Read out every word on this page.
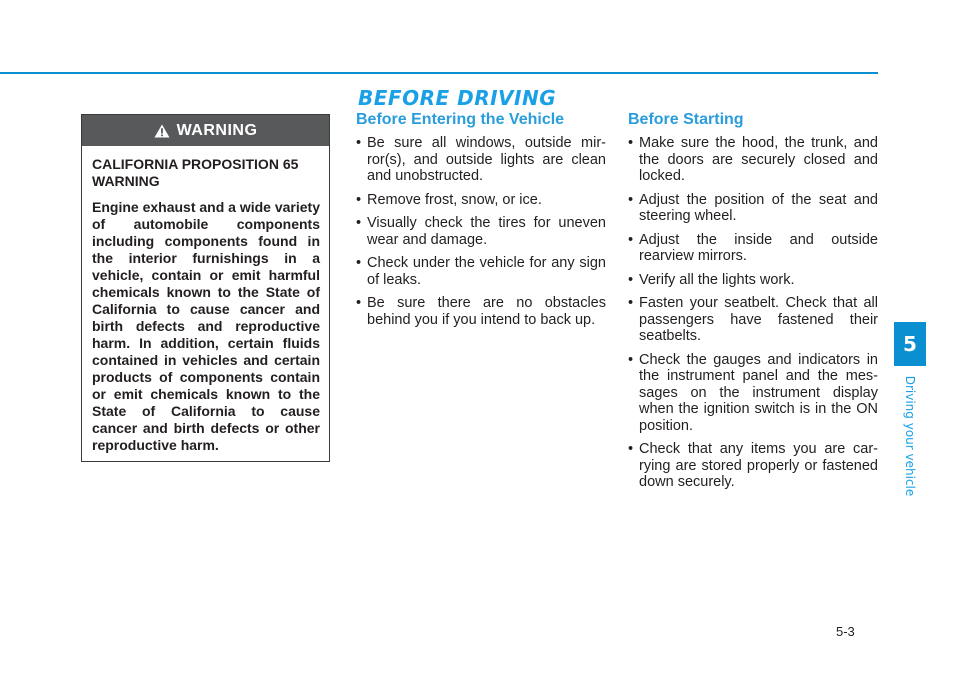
BEFORE DRIVING
WARNING

CALIFORNIA PROPOSITION 65 WARNING

Engine exhaust and a wide variety of automobile components including components found in the interior furnishings in a vehicle, contain or emit harmful chemicals known to the State of California to cause cancer and birth defects and reproductive harm. In addition, certain fluids contained in vehicles and certain products of components contain or emit chemicals known to the State of California to cause cancer and birth defects or other reproductive harm.

Before Entering the Vehicle
• Be sure all windows, outside mirror(s), and outside lights are clean and unobstructed.
• Remove frost, snow, or ice.
• Visually check the tires for uneven wear and damage.
• Check under the vehicle for any sign of leaks.
• Be sure there are no obstacles behind you if you intend to back up.
Before Starting
• Make sure the hood, the trunk, and the doors are securely closed and locked.
• Adjust the position of the seat and steering wheel.
• Adjust the inside and outside rearview mirrors.
• Verify all the lights work.
• Fasten your seatbelt. Check that all passengers have fastened their seatbelts.
• Check the gauges and indicators in the instrument panel and the messages on the instrument display when the ignition switch is in the ON position.
• Check that any items you are carrying are stored properly or fastened down securely.
5
Driving your vehicle
5-3
